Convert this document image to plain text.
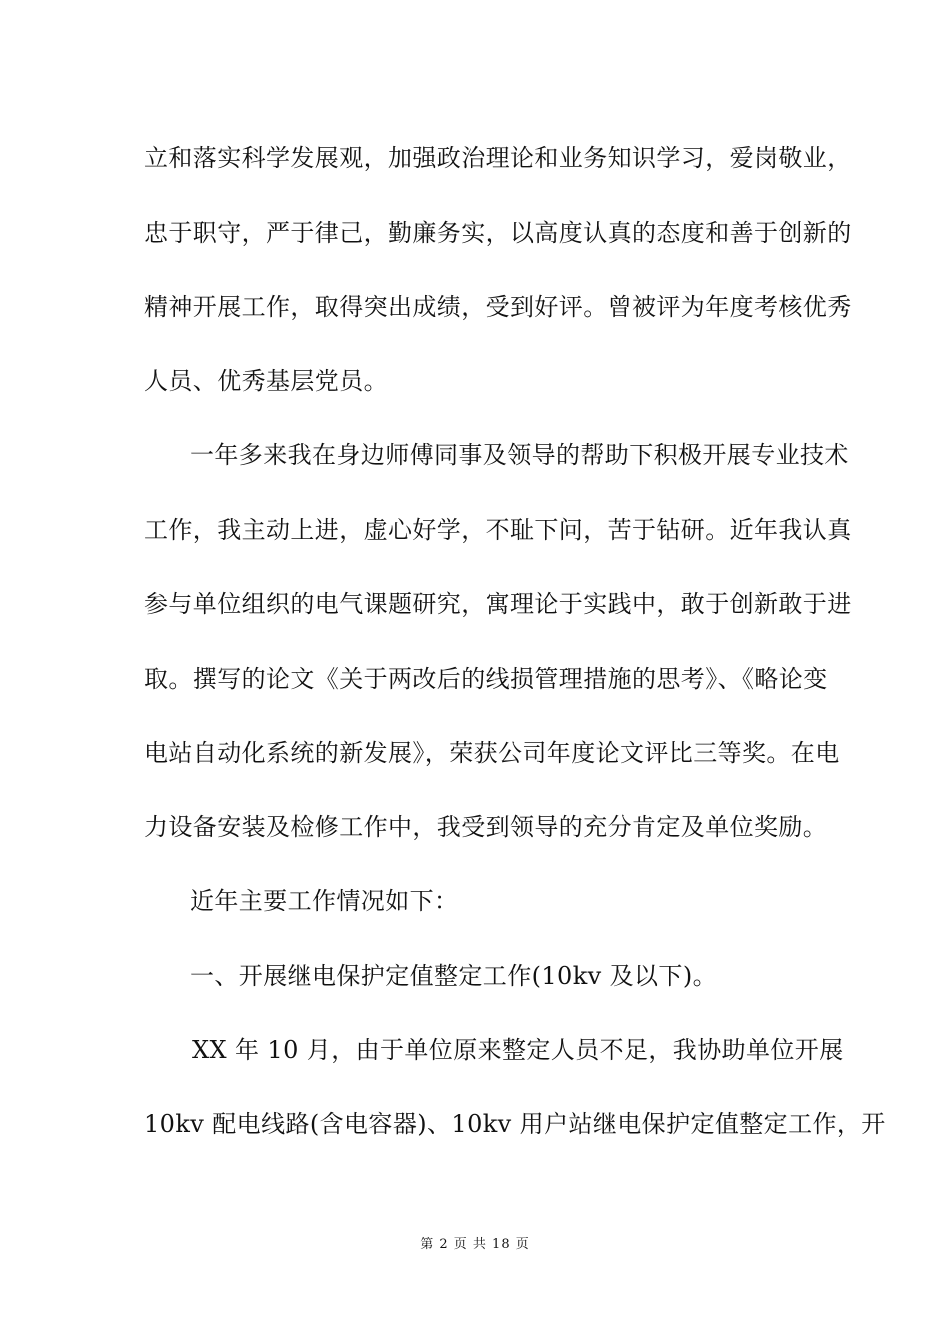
立和落实科学发展观，加强政治理论和业务知识学习，爱岗敬业，
忠于职守，严于律己，勤廉务实，以高度认真的态度和善于创新的
精神开展工作，取得突出成绩，受到好评。曾被评为年度考核优秀
人员、优秀基层党员。
一年多来我在身边师傅同事及领导的帮助下积极开展专业技术
工作，我主动上进，虚心好学，不耻下问，苦于钻研。近年我认真
参与单位组织的电气课题研究，寓理论于实践中，敢于创新敢于进
取。撰写的论文《关于两改后的线损管理措施的思考》、《略论变
电站自动化系统的新发展》，荣获公司年度论文评比三等奖。在电
力设备安装及检修工作中，我受到领导的充分肯定及单位奖励。
近年主要工作情况如下：
一、开展继电保护定值整定工作(10kv 及以下)。
XX 年 10 月，由于单位原来整定人员不足，我协助单位开展
10kv 配电线路(含电容器)、10kv 用户站继电保护定值整定工作，开
第 2 页 共 18 页
